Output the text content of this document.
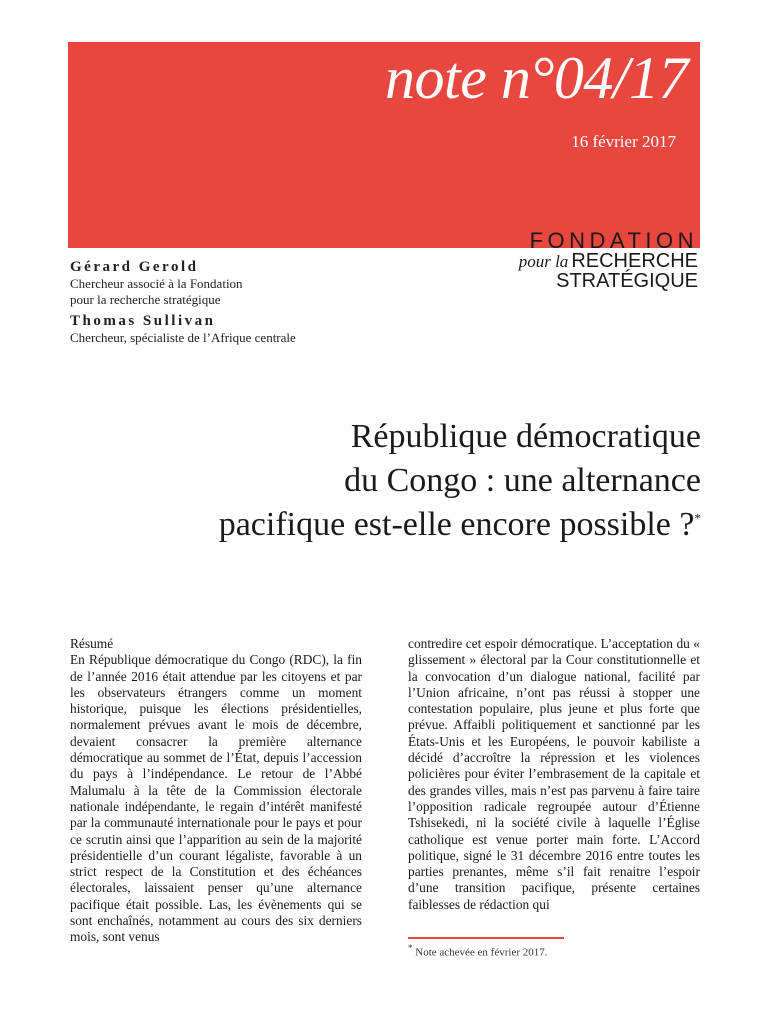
note n°04/17
16 février 2017
FONDATION
pour la RECHERCHE
STRATÉGIQUE
Gérard Gerold
Chercheur associé à la Fondation
pour la recherche stratégique
Thomas Sullivan
Chercheur, spécialiste de l’Afrique centrale
République démocratique
du Congo : une alternance
pacifique est-elle encore possible ?*
Résumé

En République démocratique du Congo (RDC), la fin de l’année 2016 était attendue par les citoyens et par les observateurs étrangers comme un moment historique, puisque les élections présidentielles, normalement prévues avant le mois de décembre, devaient consacrer la première alternance démocratique au sommet de l’État, depuis l’accession du pays à l’indépendance. Le retour de l’Abbé Malumalu à la tête de la Commission électorale nationale indépendante, le regain d’intérêt manifesté par la communauté internationale pour le pays et pour ce scrutin ainsi que l’apparition au sein de la majorité présidentielle d’un courant légaliste, favorable à un strict respect de la Constitution et des échéances électorales, laissaient penser qu’une alternance pacifique était possible. Las, les évènements qui se sont enchaînés, notamment au cours des six derniers mois, sont venus

contredire cet espoir démocratique. L’acceptation du « glissement » électoral par la Cour constitutionnelle et la convocation d’un dialogue national, facilité par l’Union africaine, n’ont pas réussi à stopper une contestation populaire, plus jeune et plus forte que prévue. Affaibli politiquement et sanctionné par les États-Unis et les Européens, le pouvoir kabiliste a décidé d’accroître la répression et les violences policières pour éviter l’embrasement de la capitale et des grandes villes, mais n’est pas parvenu à faire taire l’opposition radicale regroupée autour d’Étienne Tshisekedi, ni la société civile à laquelle l’Église catholique est venue porter main forte. L’Accord politique, signé le 31 décembre 2016 entre toutes les parties prenantes, même s’il fait renaitre l’espoir d’une transition pacifique, présente certaines faiblesses de rédaction qui

* Note achevée en février 2017.
